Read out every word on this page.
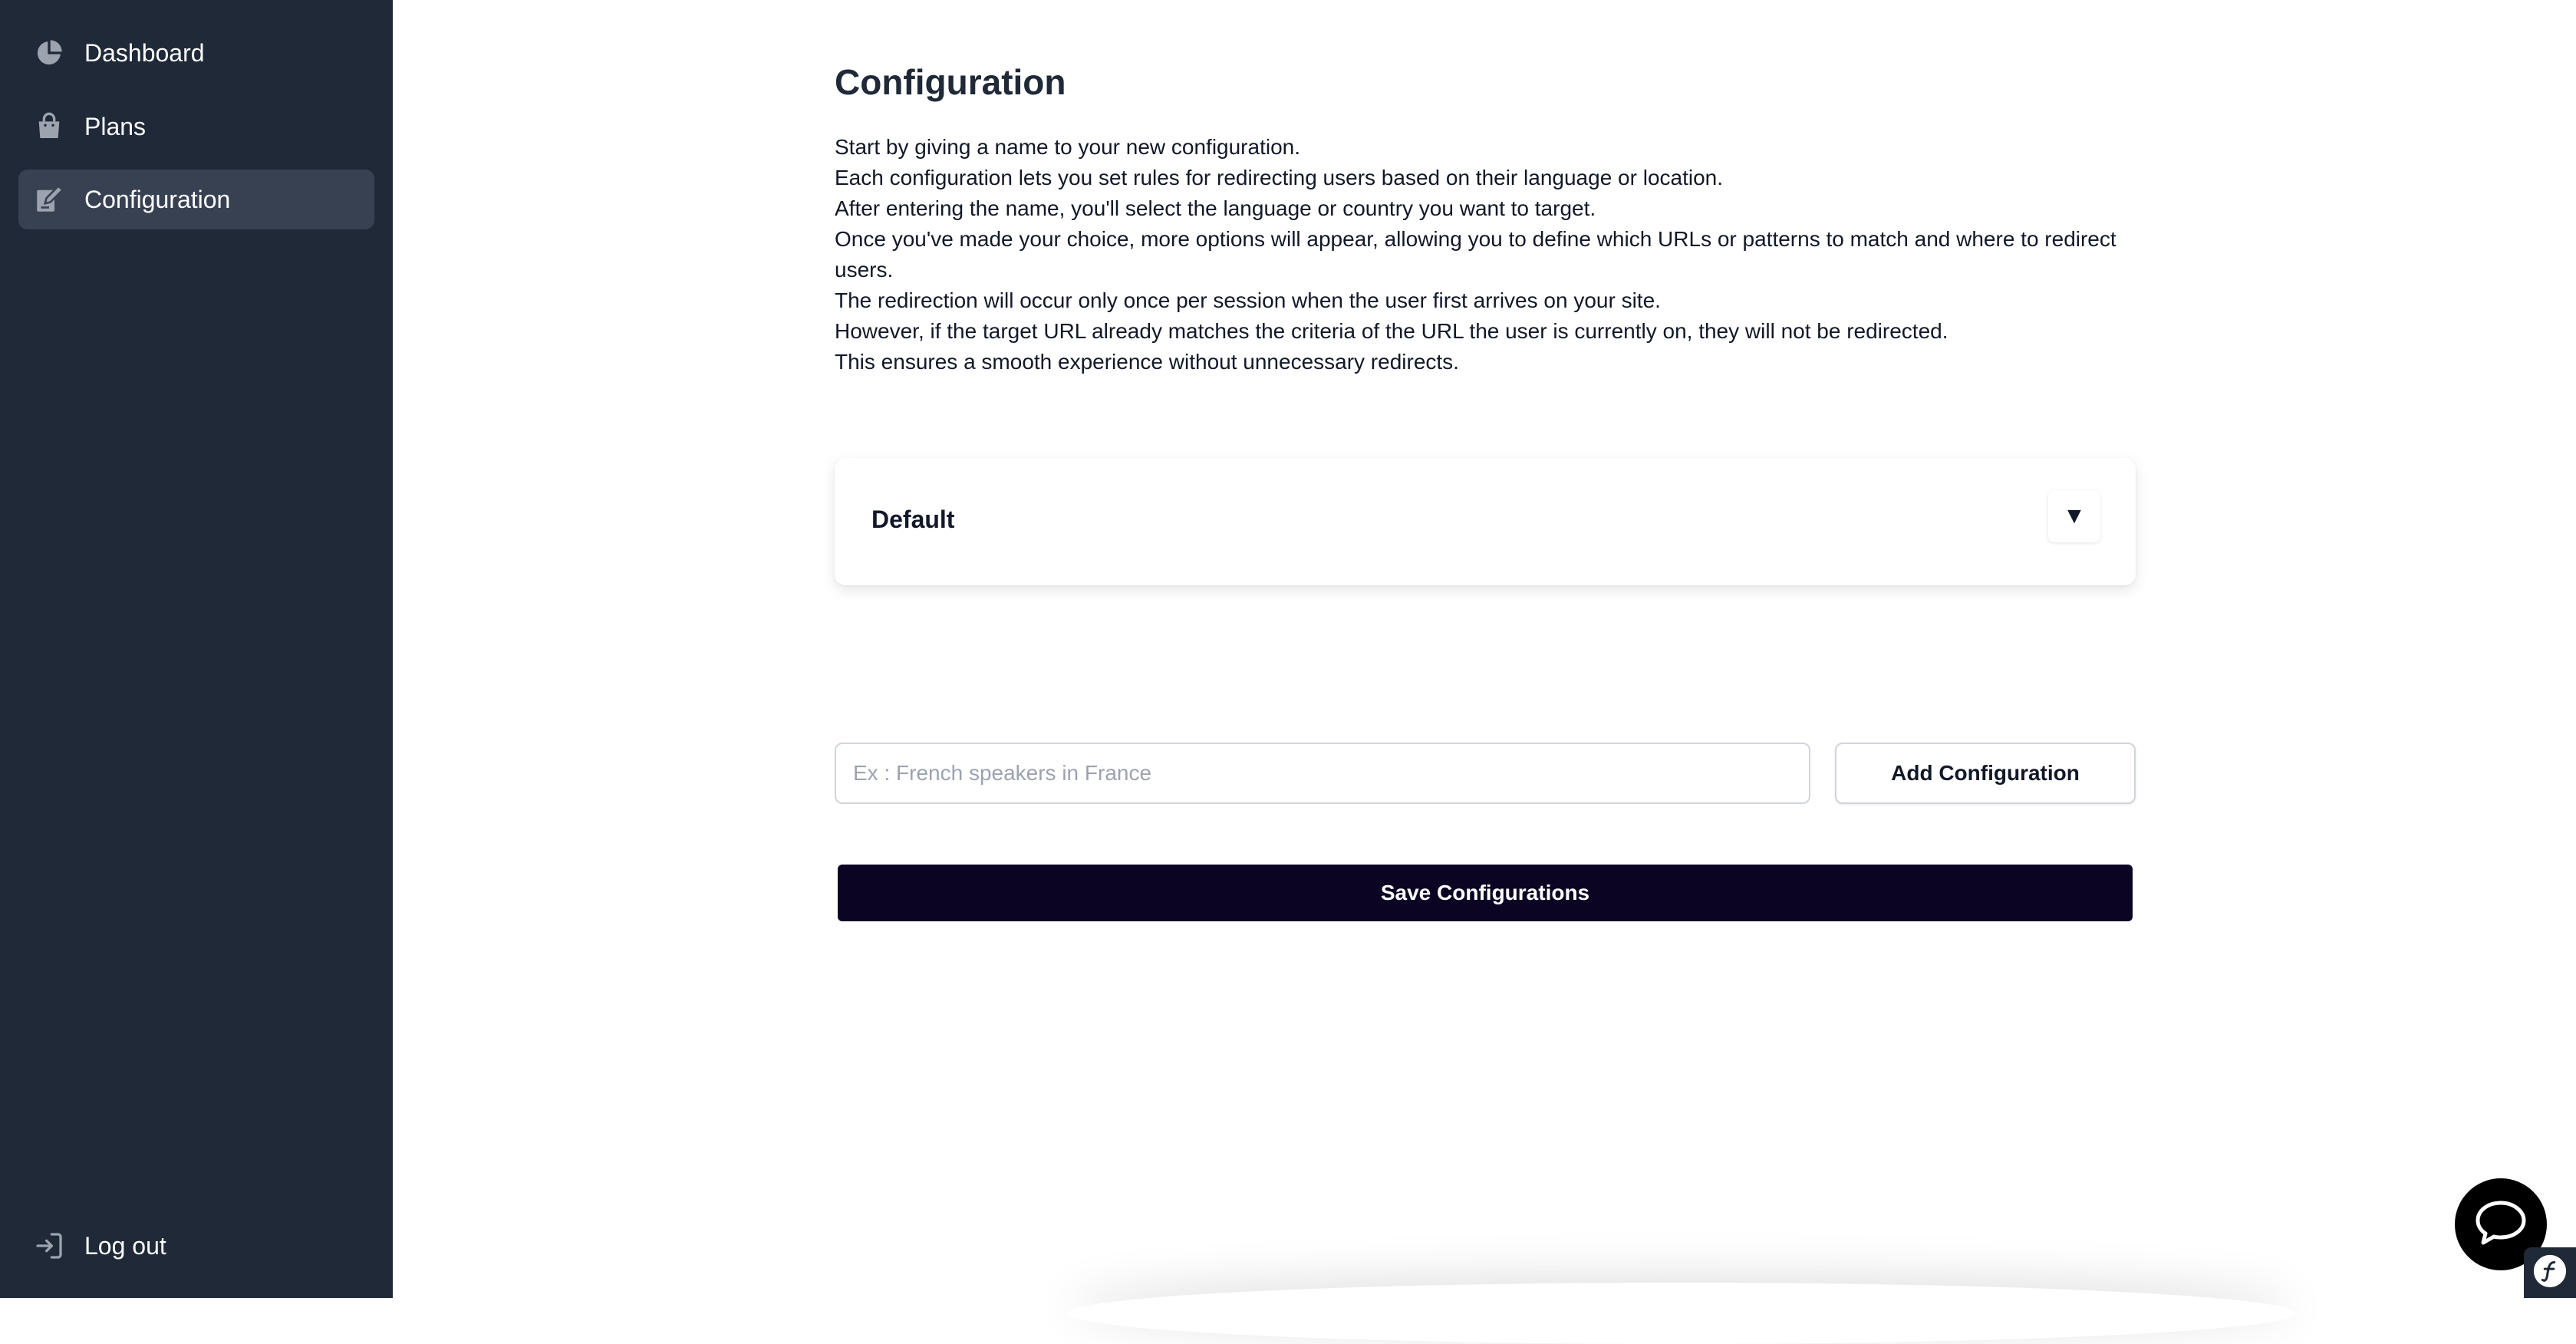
Dashboard
Plans
Configuration
Log out
Configuration

Start by giving a name to your new configuration.

Each configuration lets you set rules for redirecting users based on their language or location.

After entering the name, you'll select the language or country you want to target.

Once you've made your choice, more options will appear, allowing you to define which URLs or patterns to match and where to redirect users.

The redirection will occur only once per session when the user first arrives on your site.

However, if the target URL already matches the criteria of the URL the user is currently on, they will not be redirected.

This ensures a smooth experience without unnecessary redirects.

Default	▼
Ex : French speakers in France
Add Configuration
Save Configurations
